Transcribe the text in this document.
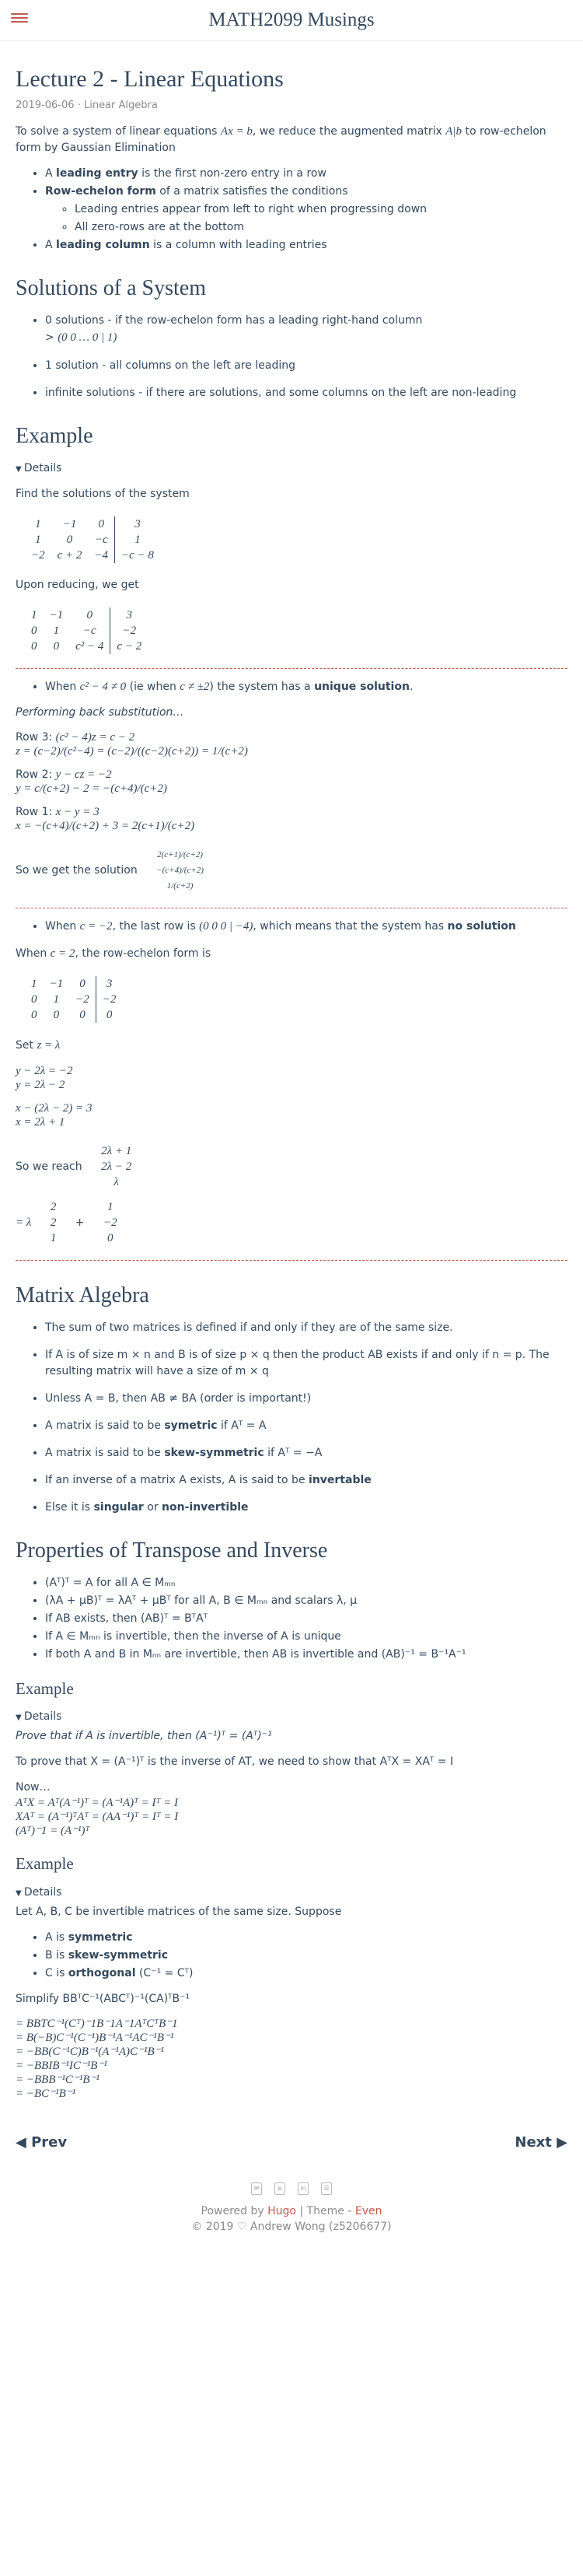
MATH2099 Musings
Lecture 2 - Linear Equations
2019-06-06 · Linear Algebra

To solve a system of linear equations Ax = b, we reduce the augmented matrix A|b to row-echelon form by Gaussian Elimination

• A leading entry is the first non-zero entry in a row
• Row-echelon form of a matrix satisfies the conditions
◦ Leading entries appear from left to right when progressing down
◦ All zero-rows are at the bottom
• A leading column is a column with leading entries
Solutions of a System
• 0 solutions - if the row-echelon form has a leading right-hand column
> (0 0 … 0 | 1)
• 1 solution - all columns on the left are leading
• infinite solutions - if there are solutions, and some columns on the left are non-leading
Example
▼ Details

Find the solutions of the system

1	−1	0	3
1	0	−c	1
−2	c + 2	−4	−c − 8

Upon reducing, we get

1	−1	0	3
0	1	−c	−2
0	0	c² − 4	c − 2
• When c² − 4 ≠ 0 (ie when c ≠ ±2) the system has a unique solution.

Performing back substitution…

Row 3: (c² − 4)z = c − 2
z = (c−2)/(c²−4) = (c−2)/((c−2)(c+2)) = 1/(c+2)
Row 2: y − cz = −2
y = c/(c+2) − 2 = −(c+4)/(c+2)
Row 1: x − y = 3
x = −(c+4)/(c+2) + 3 = 2(c+1)/(c+2)
So we get the solution
2(c+1)/(c+2)
−(c+4)/(c+2)
1/(c+2)
• When c = −2, the last row is (0 0 0 | −4), which means that the system has no solution

When c = 2, the row-echelon form is

1	−1	0	3
0	1	−2	−2
0	0	0	0

Set z = λ

y − 2λ = −2
y = 2λ − 2
x − (2λ − 2) = 3
x = 2λ + 1
So we reach
2λ + 1
2λ − 2
λ
= λ
2
2
1
+
1
−2
0
Matrix Algebra
• The sum of two matrices is defined if and only if they are of the same size.
• If A is of size m × n and B is of size p × q then the product AB exists if and only if n = p. The resulting matrix will have a size of m × q
• Unless A = B, then AB ≠ BA (order is important!)
• A matrix is said to be symetric if Aᵀ = A
• A matrix is said to be skew-symmetric if Aᵀ = −A
• If an inverse of a matrix A exists, A is said to be invertable
• Else it is singular or non-invertible
Properties of Transpose and Inverse
• (Aᵀ)ᵀ = A for all A ∈ Mₘₙ
• (λA + μB)ᵀ = λAᵀ + μBᵀ for all A, B ∈ Mₘₙ and scalars λ, μ
• If AB exists, then (AB)ᵀ = BᵀAᵀ
• If A ∈ Mₘₙ is invertible, then the inverse of A is unique
• If both A and B in Mₙₙ are invertible, then AB is invertible and (AB)⁻¹ = B⁻¹A⁻¹
Example
▼ Details

Prove that if A is invertible, then (A⁻¹)ᵀ = (Aᵀ)⁻¹

To prove that X = (A⁻¹)ᵀ is the inverse of AT, we need to show that AᵀX = XAᵀ = I

Now…

AᵀX = Aᵀ(A⁻¹)ᵀ = (A⁻¹A)ᵀ = Iᵀ = I
XAᵀ = (A⁻¹)ᵀAᵀ = (AA⁻¹)ᵀ = Iᵀ = I
(Aᵀ)⁻1 = (A⁻¹)ᵀ
Example
▼ Details

Let A, B, C be invertible matrices of the same size. Suppose

• A is symmetric
• B is skew-symmetric
• C is orthogonal (C⁻¹ = Cᵀ)

Simplify BBᵀC⁻¹(ABCᵀ)⁻¹(CA)ᵀB⁻¹

= BBTC⁻¹(Cᵀ)⁻1B⁻1A⁻1AᵀCᵀB⁻1
= B(−B)C⁻¹(C⁻¹)B⁻¹A⁻¹AC⁻¹B⁻¹
= −BB(C⁻¹C)B⁻¹(A⁻¹A)C⁻¹B⁻¹
= −BBIB⁻¹IC⁻¹B⁻¹
= −BBB⁻¹C⁻¹B⁻¹
= −BC⁻¹B⁻¹
◀ Prev	Next ▶
✉	⌂	in	☰
Powered by Hugo | Theme - Even
© 2019 ♡ Andrew Wong (z5206677)
